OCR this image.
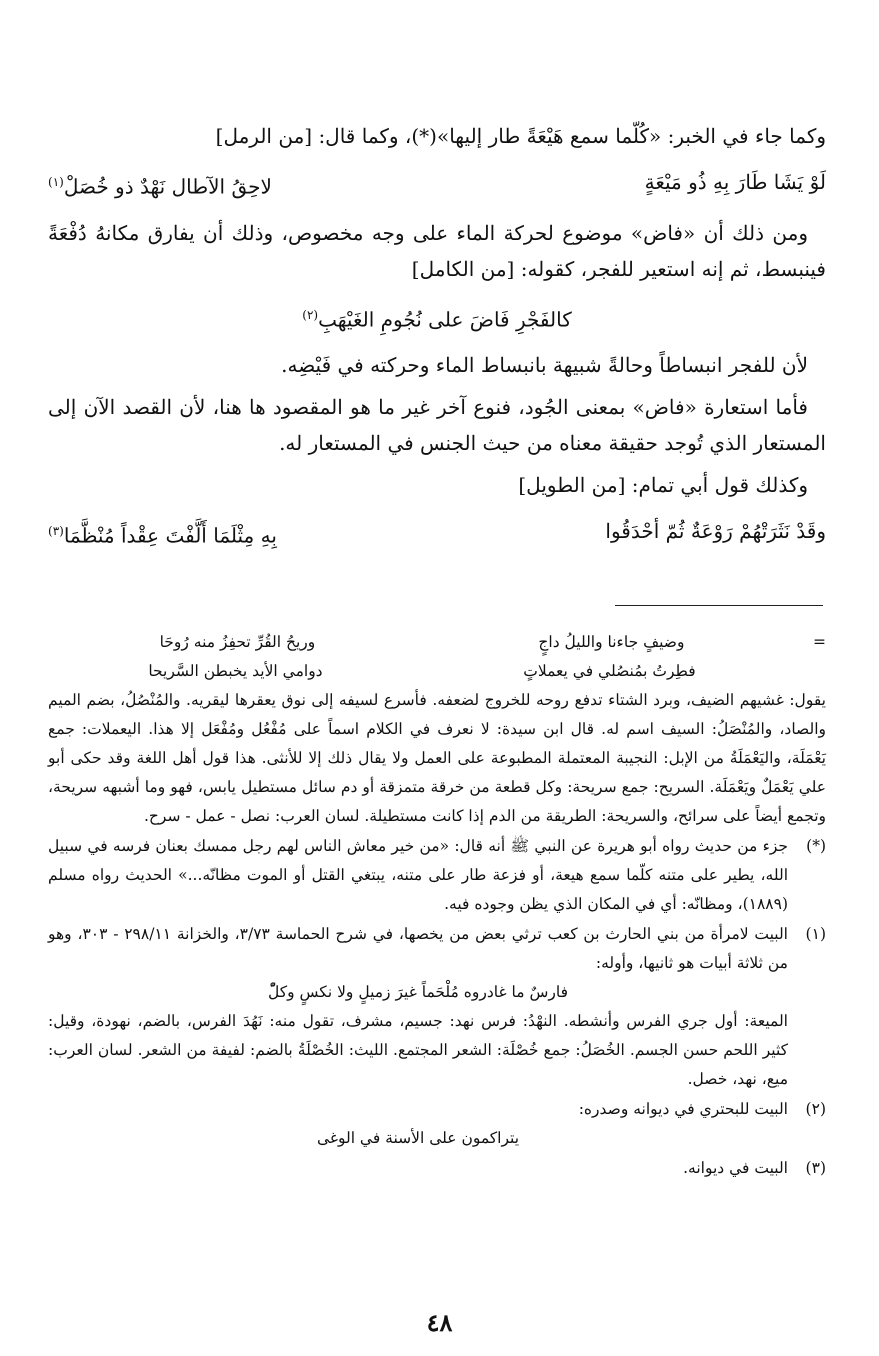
وكما جاء في الخبر: «كُلّما سمع هَيْعَةً طار إليها»(*)، وكما قال: [من الرمل]

لَوْ يَشَا طَارَ بِهِ ذُو مَيْعَةٍ
لاحِقُ الآطال نَهْدٌ ذو خُصَلْ$^{(١)}$

ومن ذلك أن «فاض» موضوع لحركة الماء على وجه مخصوص، وذلك أن يفارق مكانهُ دُفْعَةً فينبسط، ثم إنه استعير للفجر، كقوله: [من الكامل]

كالفَجْرِ فَاضَ على نُجُومِ الغَيْهَبِ$^{(٢)}$

لأن للفجر انبساطاً وحالةً شبيهة بانبساط الماء وحركته في فَيْضِه.

فأما استعارة «فاض» بمعنى الجُود، فنوع آخر غير ما هو المقصود ها هنا، لأن القصد الآن إلى المستعار الذي تُوجد حقيقة معناه من حيث الجنس في المستعار له.

وكذلك قول أبي تمام: [من الطويل]

وقَدْ نَثَرَتْهُمْ رَوْعَةٌ ثُمّ أحْدَقُوا
بِهِ مِثْلَمَا أَلَّفْتَ عِقْداً مُنْظَّمَا$^{(٣)}$
=
وضيفٍ جاءنا والليلُ داجٍ
وريحُ القُرِّ تحفِزُ منه رُوحَا
فطِرتُ بمُنصُلي في يعملاتٍ
دوامي الأيد يخبطن السَّريحا
يقول: غشيهم الضيف، وبرد الشتاء تدفع روحه للخروج لضعفه. فأسرع لسيفه إلى نوق يعقرها ليقريه. والمُنْصُلُ، بضم الميم والصاد، والمُنْصَلُ: السيف اسم له. قال ابن سيدة: لا نعرف في الكلام اسماً على مُفْعُل ومُفْعَل إلا هذا. اليعملات: جمع يَعْمَلَة، واليَعْمَلَةُ من الإبل: النجيبة المعتملة المطبوعة على العمل ولا يقال ذلك إلا للأنثى. هذا قول أهل اللغة وقد حكى أبو علي يَعْمَلٌ ويَعْمَلَة. السريح: جمع سريحة: وكل قطعة من خرقة متمزقة أو دم سائل مستطيل يابس، فهو وما أشبهه سريحة، وتجمع أيضاً على سرائح، والسريحة: الطريقة من الدم إذا كانت مستطيلة. لسان العرب: نصل - عمل - سرح.
(*)
جزء من حديث رواه أبو هريرة عن النبي ﷺ أنه قال: «من خير معاش الناس لهم رجل ممسك بعنان فرسه في سبيل الله، يطير على متنه كلّما سمع هيعة، أو فزعة طار على متنه، يبتغي القتل أو الموت مظانّه...» الحديث رواه مسلم (١٨٨٩)، ومظانّه: أي في المكان الذي يظن وجوده فيه.
(١)
البيت لامرأة من بني الحارث بن كعب ترثي بعض من يخصها، في شرح الحماسة ٣/٧٣، والخزانة ٢٩٨/١١ - ٣٠٣، وهو من ثلاثة أبيات هو ثانيها، وأوله:
فارسٌ ما غادروه مُلْحَماً غيرَ زميلٍ ولا نكسٍ وكلّْ
الميعة: أول جري الفرس وأنشطه. النهْدُ: فرس نهد: جسيم، مشرف، تقول منه: نَهُدَ الفرس، بالضم، نهودة، وقيل: كثير اللحم حسن الجسم. الخُصَلُ: جمع خُصْلَة: الشعر المجتمع. الليث: الخُصْلَةُ بالضم: لفيفة من الشعر. لسان العرب: ميع، نهد، خصل.
(٢)
البيت للبحتري في ديوانه وصدره:
يتراكمون على الأسنة في الوغى
(٣)
البيت في ديوانه.
٤٨
